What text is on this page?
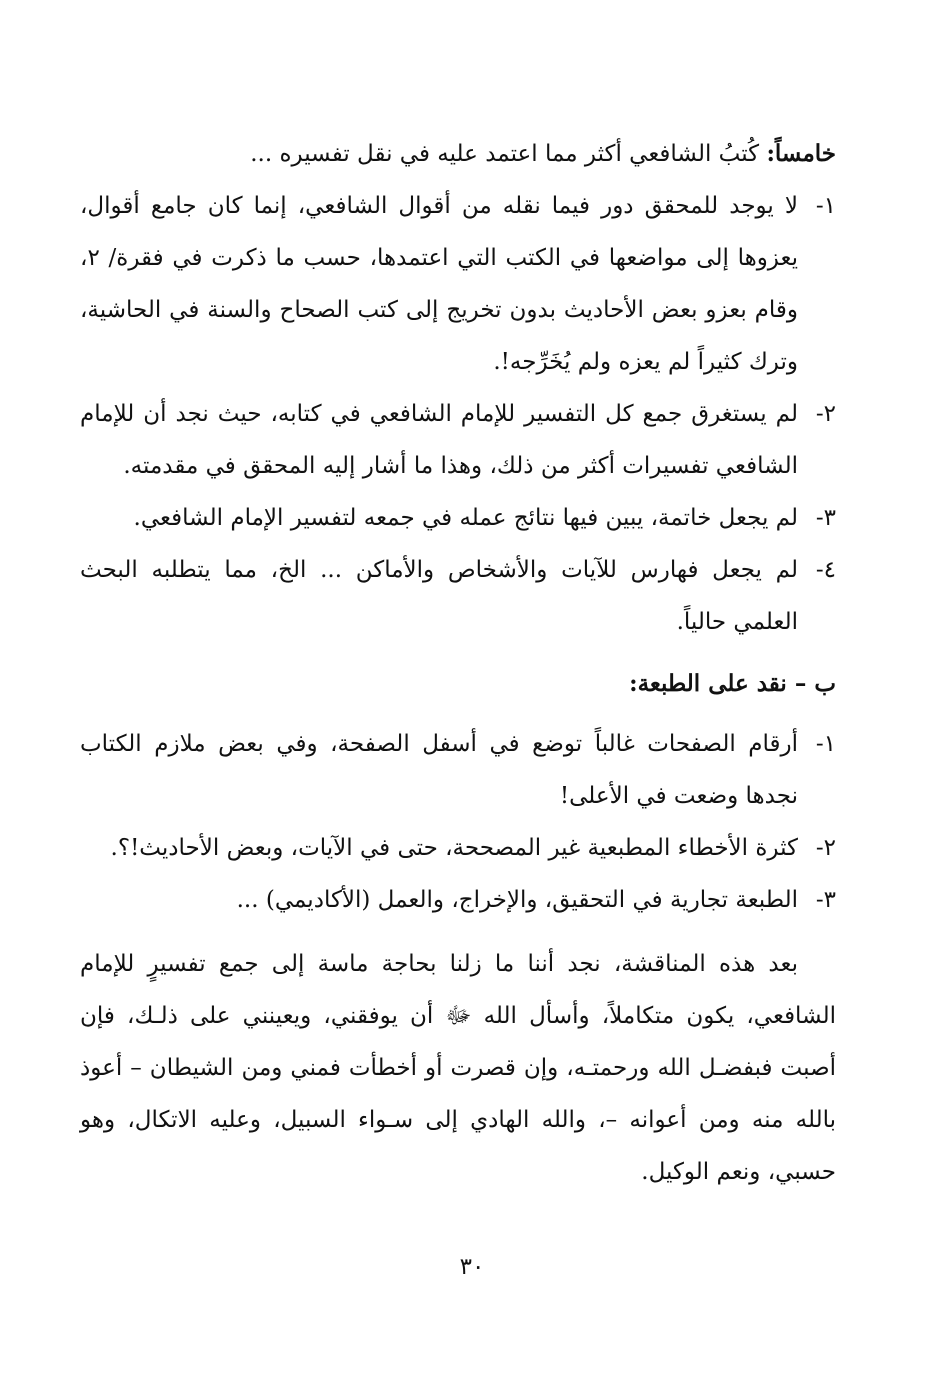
خامساً: كُتبُ الشافعي أكثر مما اعتمد عليه في نقل تفسيره ...

١-
لا يوجد للمحقق دور فيما نقله من أقوال الشافعي، إنما كان جامع أقوال، يعزوها إلى مواضعها في الكتب التي اعتمدها، حسب ما ذكرت في فقرة/ ٢، وقام بعزو بعض الأحاديث بدون تخريج إلى كتب الصحاح والسنة في الحاشية، وترك كثيراً لم يعزه ولم يُخَرِّجه!.
٢-
لم يستغرق جمع كل التفسير للإمام الشافعي في كتابه، حيث نجد أن للإمام الشافعي تفسيرات أكثر من ذلك، وهذا ما أشار إليه المحقق في مقدمته.
٣-
لم يجعل خاتمة، يبين فيها نتائج عمله في جمعه لتفسير الإمام الشافعي.
٤-
لم يجعل فهارس للآيات والأشخاص والأماكن ... الخ، مما يتطلبه البحث العلمي حالياً.

ب – نقد على الطبعة:

١-
أرقام الصفحات غالباً توضع في أسفل الصفحة، وفي بعض ملازم الكتاب نجدها وضعت في الأعلى!
٢-
كثرة الأخطاء المطبعية غير المصححة، حتى في الآيات، وبعض الأحاديث!؟.
٣-
الطبعة تجارية في التحقيق، والإخراج، والعمل (الأكاديمي) ...

بعد هذه المناقشة، نجد أننا ما زلنا بحاجة ماسة إلى جمع تفسيرٍ للإمام الشافعي، يكون متكاملاً، وأسأل الله ﷻ أن يوفقني، ويعينني على ذلـك، فإن أصبت فبفضـل الله ورحمتـه، وإن قصرت أو أخطأت فمني ومن الشيطان – أعوذ بالله منه ومن أعوانه –، والله الهادي إلى سـواء السبيل، وعليه الاتكال، وهو حسبي، ونعم الوكيل.

٣٠
